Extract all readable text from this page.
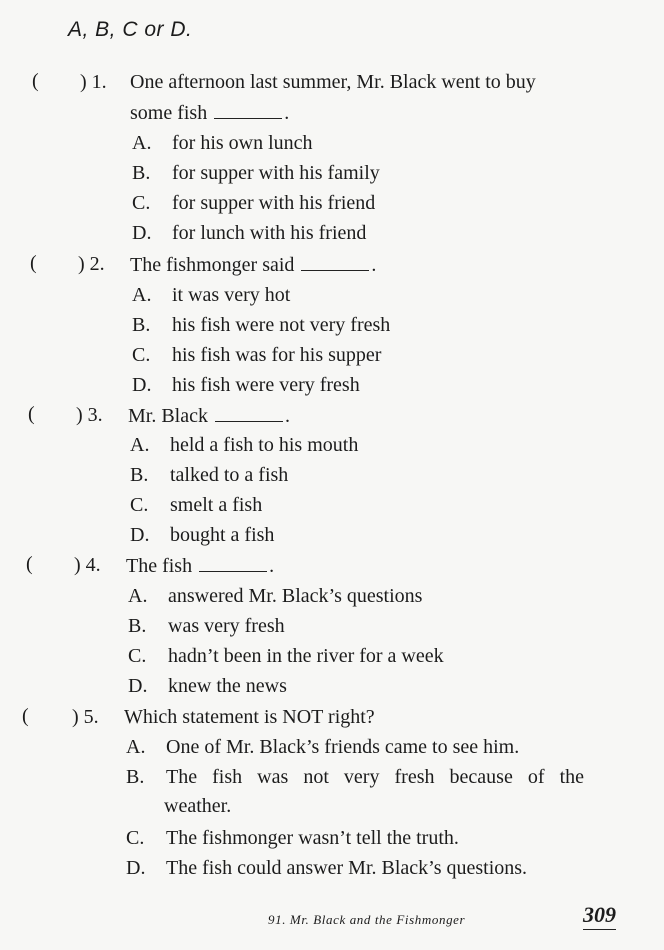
A, B, C or D.
( ) 1. One afternoon last summer, Mr. Black went to buy
some fish	.
A. for his own lunch
B. for supper with his family
C. for supper with his friend
D. for lunch with his friend
( ) 2. The fishmonger said	.
A. it was very hot
B. his fish were not very fresh
C. his fish was for his supper
D. his fish were very fresh
( ) 3. Mr. Black	.
A. held a fish to his mouth
B. talked to a fish
C. smelt a fish
D. bought a fish
( ) 4. The fish	.
A. answered Mr. Black’s questions
B. was very fresh
C. hadn’t been in the river for a week
D. knew the news
( ) 5. Which statement is NOT right?
A. One of Mr. Black’s friends came to see him.
B. The fish was not very fresh because of the
weather.
C. The fishmonger wasn’t tell the truth.
D. The fish could answer Mr. Black’s questions.
91. Mr. Black and the Fishmonger	309
